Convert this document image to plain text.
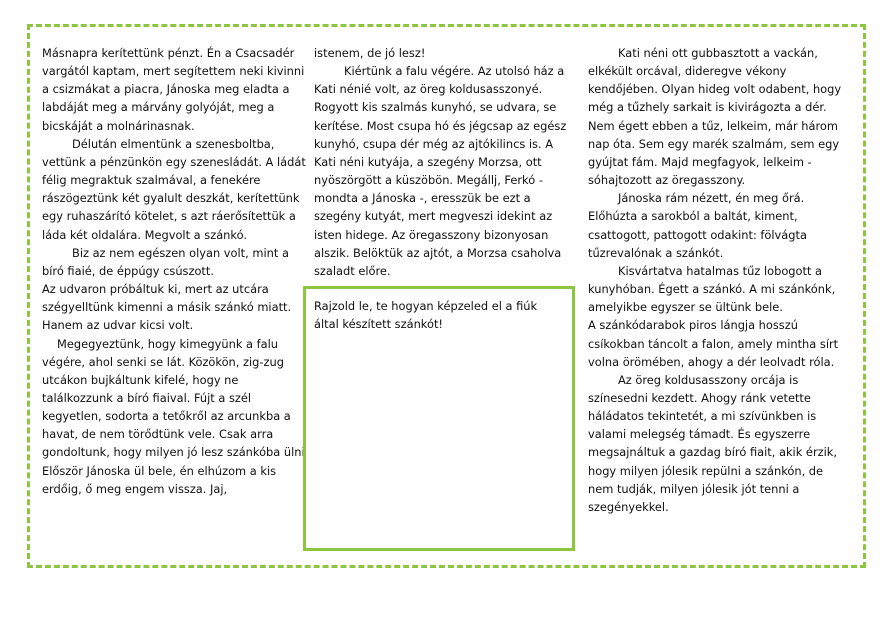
Másnapra kerítettünk pénzt. Én a Csacsadér vargától kaptam, mert segítettem neki kivinni a csizmákat a piacra, Jánoska meg eladta a labdáját meg a márvány golyóját, meg a bicskáját a molnárinasnak.

Délután elmentünk a szenesboltba, vettünk a pénzünkön egy szenesládát. A ládát félig megraktuk szalmával, a fenekére rászögeztünk két gyalult deszkát, kerítettünk egy ruhaszárító kötelet, s azt ráerősítettük a láda két oldalára. Megvolt a szánkó.

Biz az nem egészen olyan volt, mint a bíró fiaié, de éppúgy csúszott.

Az udvaron próbáltuk ki, mert az utcára szégyelltünk kimenni a másik szánkó miatt. Hanem az udvar kicsi volt.

Megegyeztünk, hogy kimegyünk a falu végére, ahol senki se lát. Közökön, zig-zug utcákon bujkáltunk kifelé, hogy ne találkozzunk a bíró fiaival. Fújt a szél kegyetlen, sodorta a tetőkről az arcunkba a havat, de nem törődtünk vele. Csak arra gondoltunk, hogy milyen jó lesz szánkóba ülni Először Jánoska ül bele, én elhúzom a kis erdőig, ő meg engem vissza. Jaj,

istenem, de jó lesz!

Kiértünk a falu végére. Az utolsó ház a Kati nénié volt, az öreg koldusasszonyé. Rogyott kis szalmás kunyhó, se udvara, se kerítése. Most csupa hó és jégcsap az egész kunyhó, csupa dér még az ajtókilincs is. A Kati néni kutyája, a szegény Morzsa, ott nyöszörgött a küszöbön. Megállj, Ferkó - mondta a Jánoska -, eresszük be ezt a szegény kutyát, mert megveszi idekint az isten hidege. Az öregasszony bizonyosan alszik. Belöktük az ajtót, a Morzsa csaholva szaladt előre.

Rajzold le, te hogyan képzeled el a fiúk által készített szánkót!

Kati néni ott gubbasztott a vackán, elkékült orcával, dideregve vékony kendőjében. Olyan hideg volt odabent, hogy még a tűzhely sarkait is kivirágozta a dér. Nem égett ebben a tűz, lelkeim, már három nap óta. Sem egy marék szalmám, sem egy gyújtat fám. Majd megfagyok, lelkeim - sóhajtozott az öregasszony.

Jánoska rám nézett, én meg őrá. Előhúzta a sarokból a baltát, kiment, csattogott, pattogott odakint: fölvágta tűzrevalónak a szánkót.

Kisvártatva hatalmas tűz lobogott a kunyhóban. Égett a szánkó. A mi szánkónk, amelyikbe egyszer se ültünk bele.

A szánkódarabok piros lángja hosszú csíkokban táncolt a falon, amely mintha sírt volna örömében, ahogy a dér leolvadt róla.

Az öreg koldusasszony orcája is színesedni kezdett. Ahogy ránk vetette háládatos tekintetét, a mi szívünkben is valami melegség támadt. És egyszerre megsajnáltuk a gazdag bíró fiait, akik érzik, hogy milyen jólesik repülni a szánkón, de nem tudják, milyen jólesik jót tenni a szegényekkel.
